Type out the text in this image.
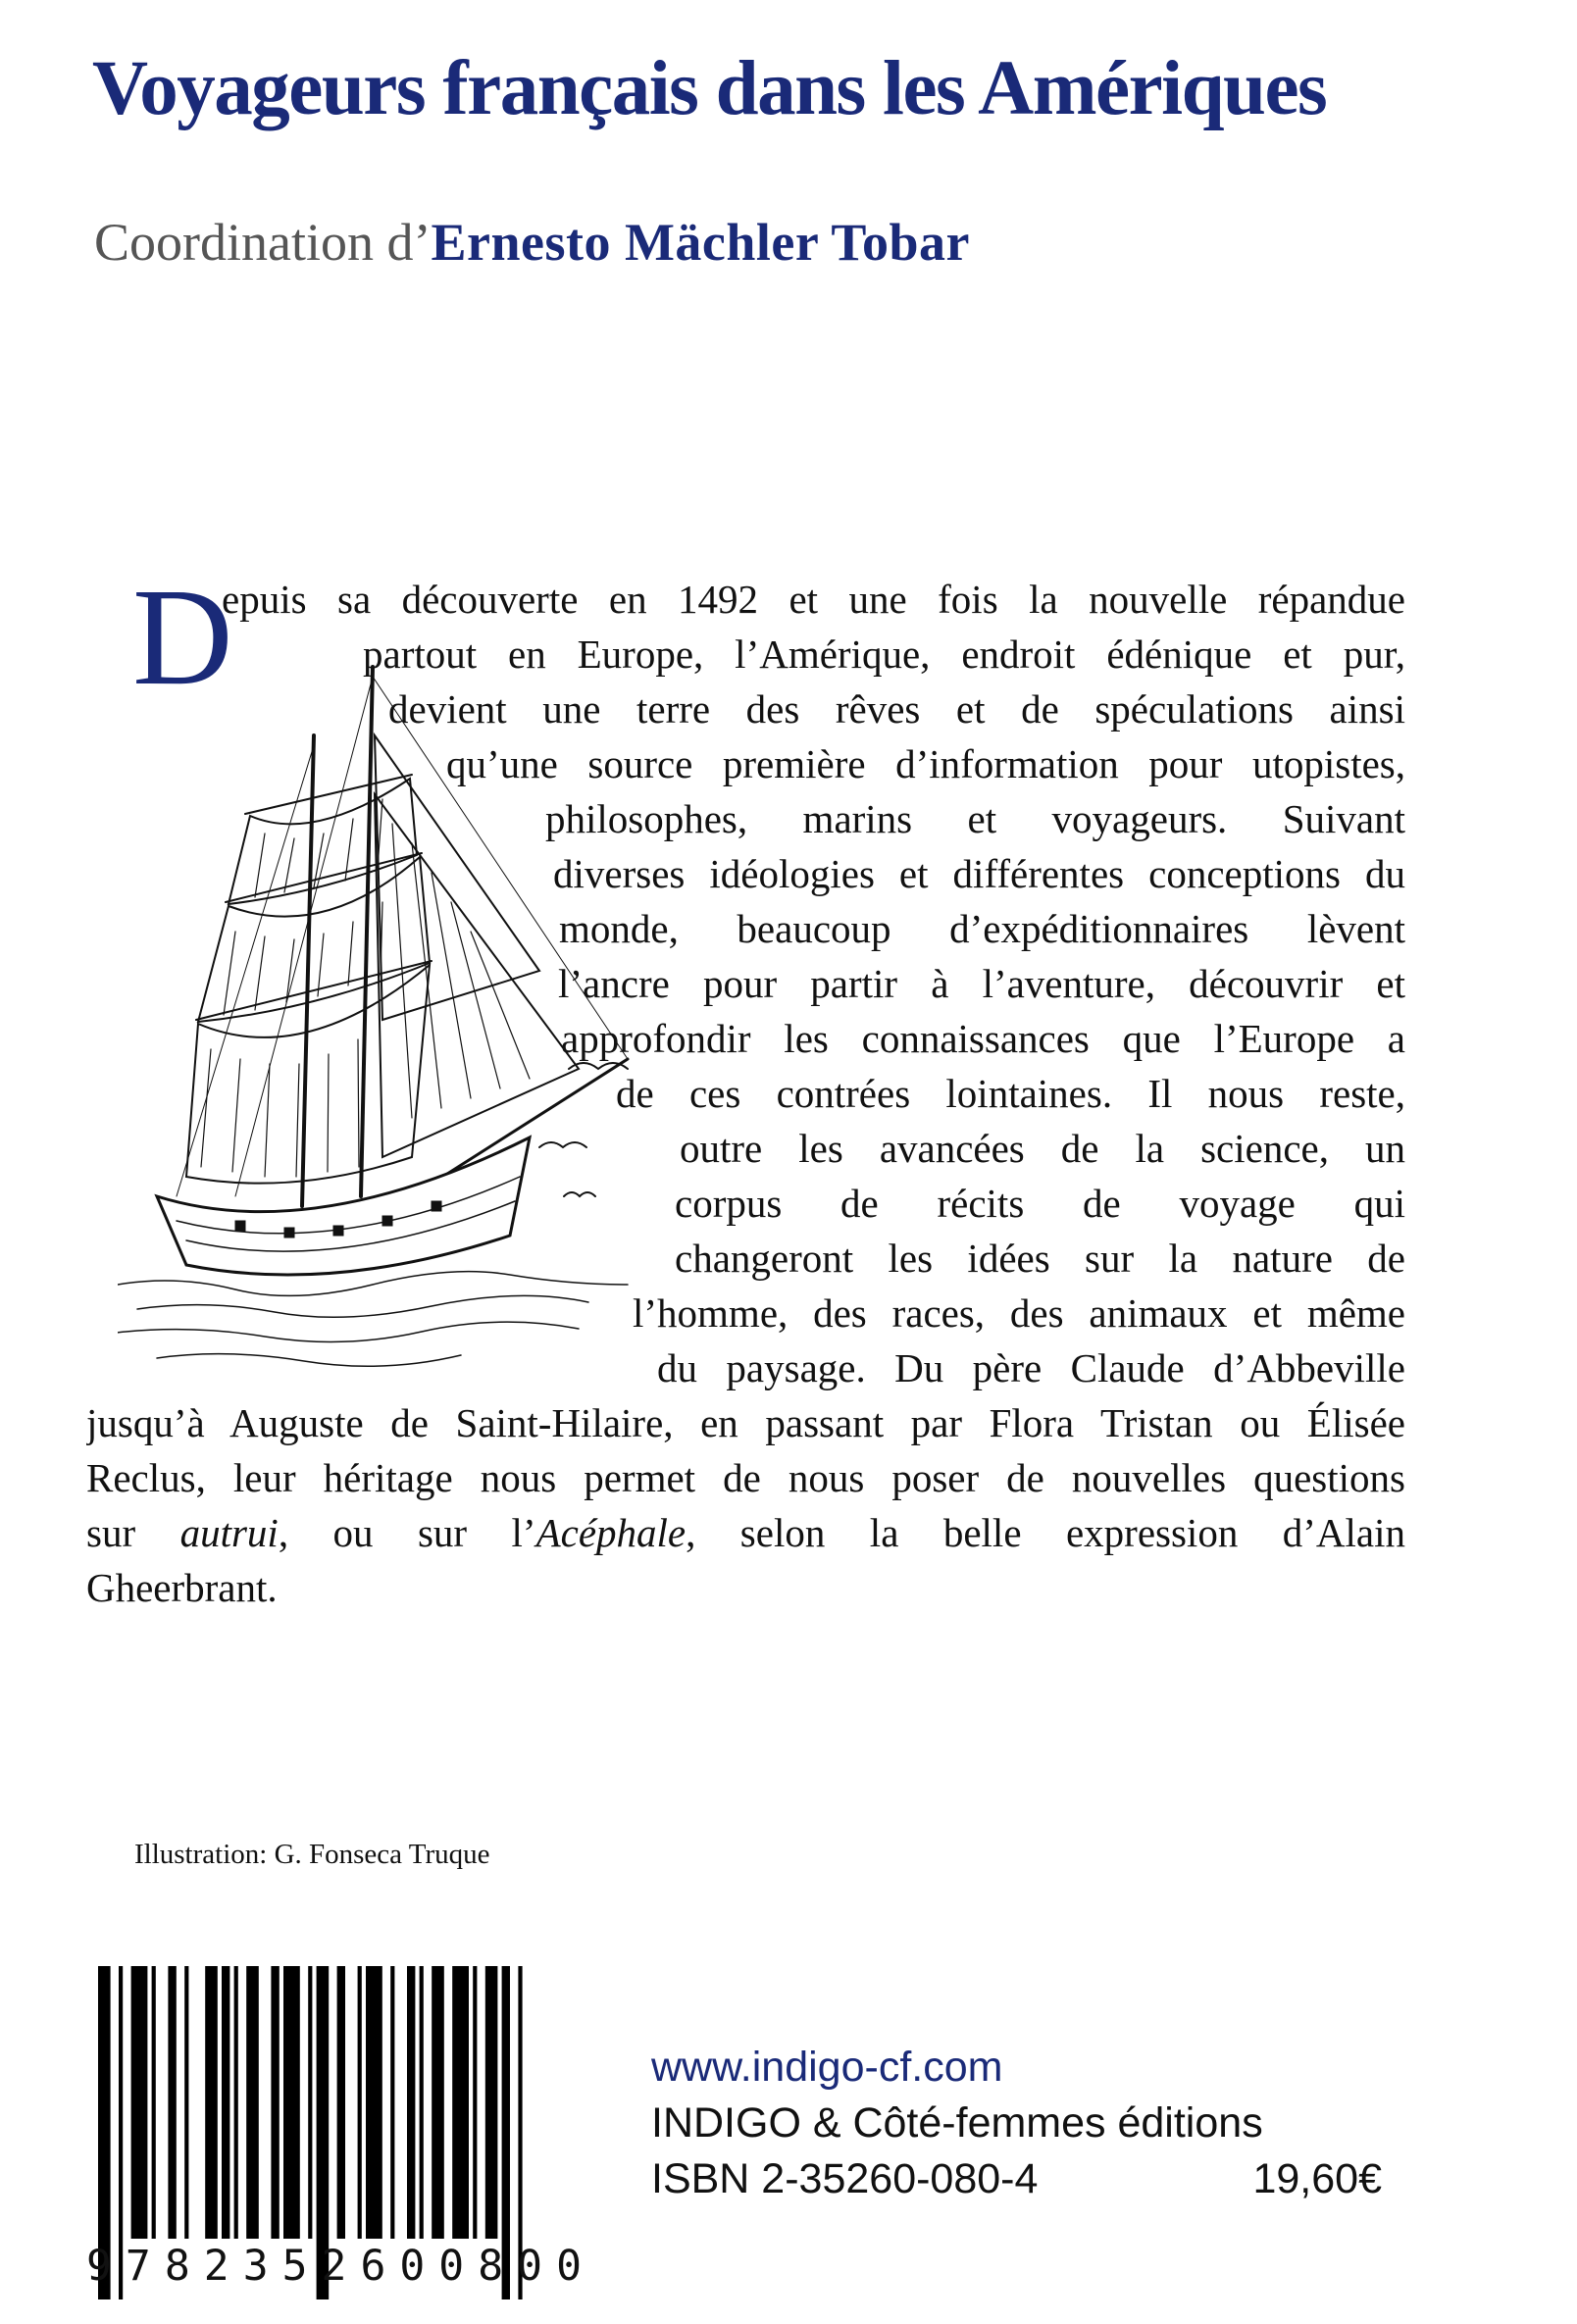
Voyageurs français dans les Amériques

Coordination d’Ernesto Mächler Tobar

D
epuis sa découverte en 1492 et une fois la nouvelle répandue
partout en Europe, l’Amérique, endroit édénique et pur,
devient une terre des rêves et de spéculations ainsi
qu’une source première d’information pour utopistes,
philosophes, marins et voyageurs. Suivant
diverses idéologies et différentes conceptions du
monde, beaucoup d’expéditionnaires lèvent
l’ancre pour partir à l’aventure, découvrir et
approfondir les connaissances que l’Europe a
de ces contrées lointaines. Il nous reste,
outre les avancées de la science, un
corpus de récits de voyage qui
changeront les idées sur la nature de
l’homme, des races, des animaux et même
du paysage. Du père Claude d’Abbeville
jusqu’à Auguste de Saint-Hilaire, en passant par Flora Tristan ou Élisée
Reclus, leur héritage nous permet de nous poser de nouvelles questions
sur autrui, ou sur l’Acéphale, selon la belle expression d’Alain
Gheerbrant.
Illustration: G. Fonseca Truque
9 7 8 2 3 5 2 6 0 0 8 0 0
www.indigo-cf.com
INDIGO & Côté-femmes éditions
ISBN 2-35260-080-4	19,60€
